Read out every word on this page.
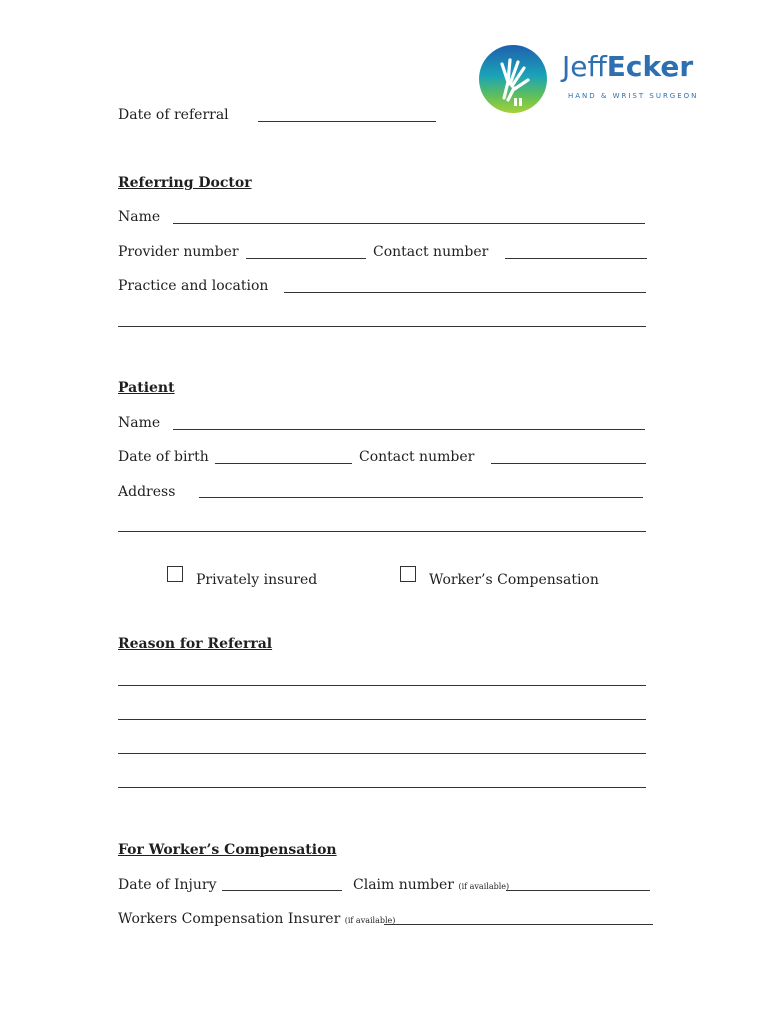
JeffEcker
HAND & WRIST SURGEON
Date of referral
Referring Doctor
Name
Provider number	Contact number
Practice and location
Patient
Name
Date of birth	Contact number
Address
Privately insured	Worker’s Compensation
Reason for Referral
For Worker’s Compensation
Date of Injury	Claim number (if available)
Workers Compensation Insurer (if available)
